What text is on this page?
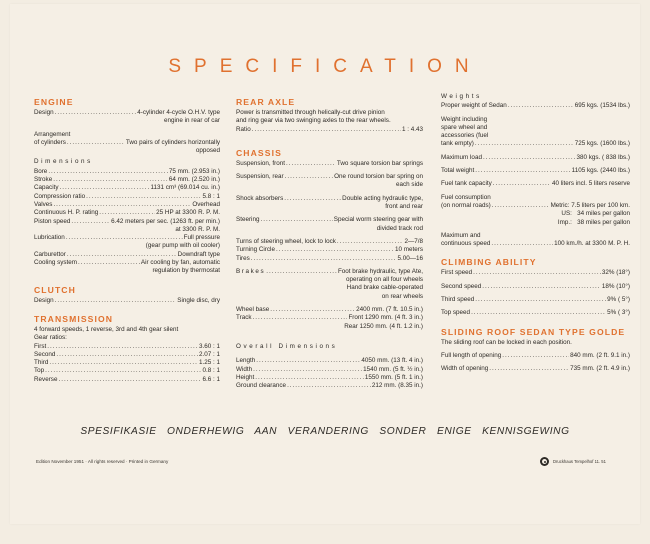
SPECIFICATION
ENGINE
Design .....	4-cylinder 4-cycle O.H.V. type
engine in rear of car
Arrangement
of cylinders .....	Two pairs of cylinders horizontally
opposed
Dimensions
Bore .....	75 mm. (2.953 in.)
Stroke .....	64 mm. (2.520 in.)
Capacity .....	1131 cm³ (69.014 cu. in.)
Compression ratio .....	5.8 : 1
Valves .....	Overhead
Continuous H. P. rating .....	25 HP at 3300 R. P. M.
Piston speed .....	6.42 meters per sec. (1263 ft. per min.)
at 3300 R. P. M.
Lubrication .....	Full pressure
(gear pump with oil cooler)
Carburettor .....	Downdraft type
Cooling system .....	Air cooling by fan, automatic
regulation by thermostat
CLUTCH
Design .....	Single disc, dry
TRANSMISSION
4 forward speeds, 1 reverse, 3rd and 4th gear silent
Gear ratios:
First .....	3.60 : 1
Second .....	2.07 : 1
Third .....	1.25 : 1
Top .....	0.8 : 1
Reverse .....	6.6 : 1
REAR AXLE
Power is transmitted through helically-cut drive pinion
and ring gear via two swinging axles to the rear wheels.
Ratio .....	1 : 4.43
CHASSIS
Suspension, front .....	Two square torsion bar springs
Suspension, rear .....	One round torsion bar spring on
each side
Shock absorbers .....	Double acting hydraulic type,
front and rear
Steering .....	Special worm steering gear with
divided track rod
Turns of steering wheel, lock to lock .....	2—7/8
Turning Circle .....	10 meters
Tires .....	5.00—16
Brakes .....	Foot brake hydraulic, type Ate,
operating on all four wheels
Hand brake cable-operated
on rear wheels
Wheel base .....	2400 mm. (7 ft. 10.5 in.)
Track .....	Front 1290 mm. (4 ft. 3 in.)
Rear 1250 mm. (4 ft. 1.2 in.)
Overall Dimensions
Length .....	4050 mm. (13 ft. 4 in.)
Width .....	1540 mm. (5 ft. ½ in.)
Height .....	1550 mm. (5 ft. 1 in.)
Ground clearance .....	212 mm. (8.35 in.)
Weights
Proper weight of Sedan .....	695 kgs. (1534 lbs.)
Weight including
spare wheel and
accessories (fuel
tank empty) .....	725 kgs. (1600 lbs.)
Maximum load .....	380 kgs. ( 838 lbs.)
Total weight .....	1105 kgs. (2440 lbs.)
Fuel tank capacity .....	40 liters incl. 5 liters reserve
Fuel consumption
(on normal roads) .....	Metric: 7.5 liters per 100 km.
US: 34 miles per gallon
Imp.: 38 miles per gallon
Maximum and
continuous speed .....	100 km./h. at 3300 M. P. H.
CLIMBING ABILITY
First speed .....	32% (18°)
Second speed .....	18% (10°)
Third speed .....	9% ( 5°)
Top speed .....	5% ( 3°)
SLIDING ROOF SEDAN TYPE GOLDE
The sliding roof can be locked in each position.
Full length of opening .....	840 mm. (2 ft. 9.1 in.)
Width of opening .....	735 mm. (2 ft. 4.9 in.)
SPESIFIKASIE ONDERHEWIG AAN VERANDERING SONDER ENIGE KENNISGEWING
Edition November 1951 · All rights reserved · Printed in Germany	Druckhaus Tempelhof 11. 51
